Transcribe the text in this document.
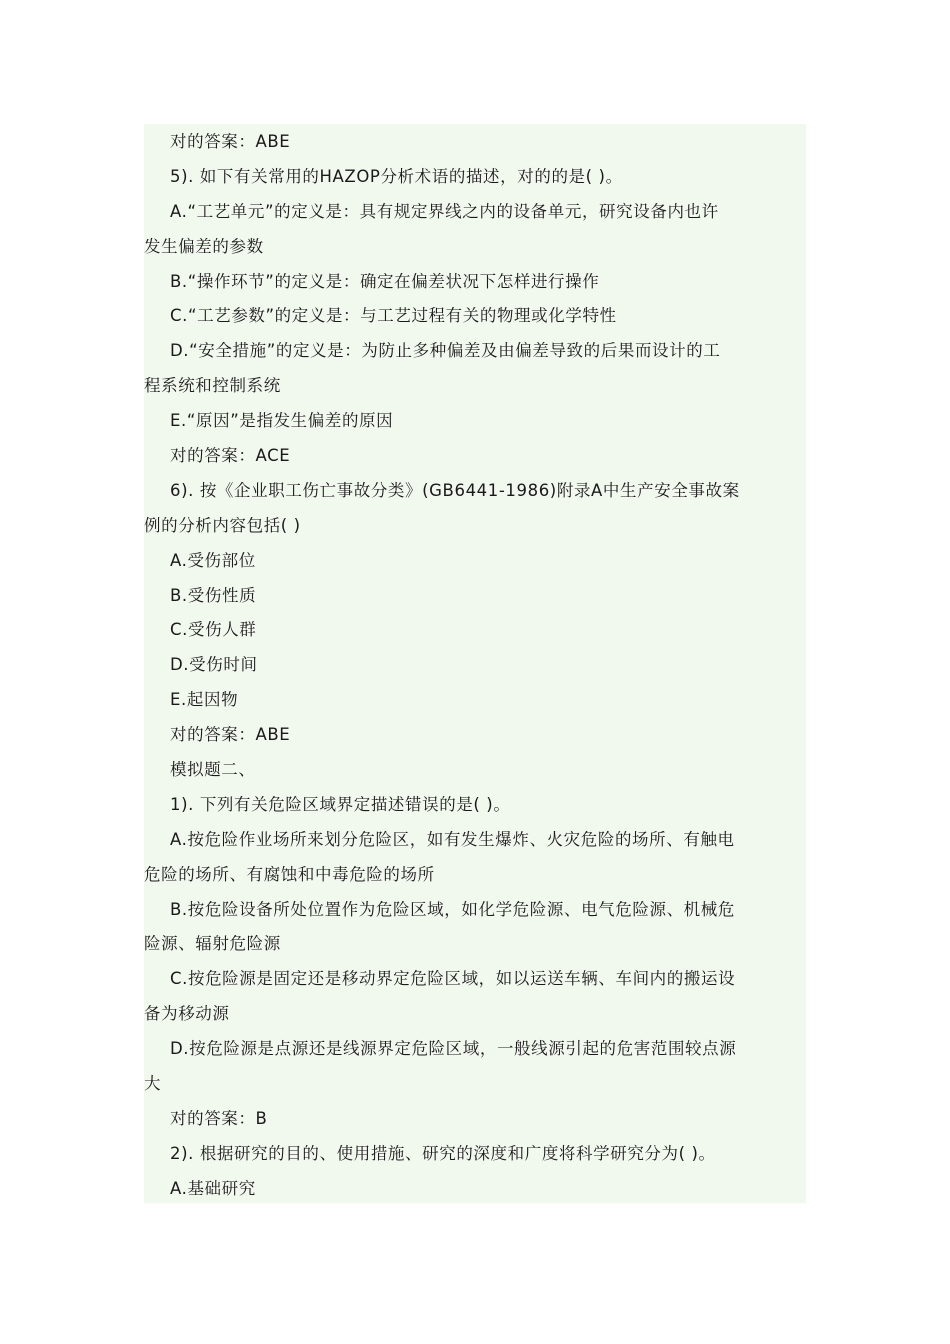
对的答案：ABE
5). 如下有关常用的HAZOP分析术语的描述，对的的是( )。
A.“工艺单元”的定义是：具有规定界线之内的设备单元，研究设备内也许
发生偏差的参数
B.“操作环节”的定义是：确定在偏差状况下怎样进行操作
C.“工艺参数”的定义是：与工艺过程有关的物理或化学特性
D.“安全措施”的定义是：为防止多种偏差及由偏差导致的后果而设计的工
程系统和控制系统
E.“原因”是指发生偏差的原因
对的答案：ACE
6). 按《企业职工伤亡事故分类》(GB6441-1986)附录A中生产安全事故案
例的分析内容包括( )
A.受伤部位
B.受伤性质
C.受伤人群
D.受伤时间
E.起因物
对的答案：ABE
模拟题二、
1). 下列有关危险区域界定描述错误的是( )。
A.按危险作业场所来划分危险区，如有发生爆炸、火灾危险的场所、有触电
危险的场所、有腐蚀和中毒危险的场所
B.按危险设备所处位置作为危险区域，如化学危险源、电气危险源、机械危
险源、辐射危险源
C.按危险源是固定还是移动界定危险区域，如以运送车辆、车间内的搬运设
备为移动源
D.按危险源是点源还是线源界定危险区域，一般线源引起的危害范围较点源
大
对的答案：B
2). 根据研究的目的、使用措施、研究的深度和广度将科学研究分为( )。
A.基础研究
